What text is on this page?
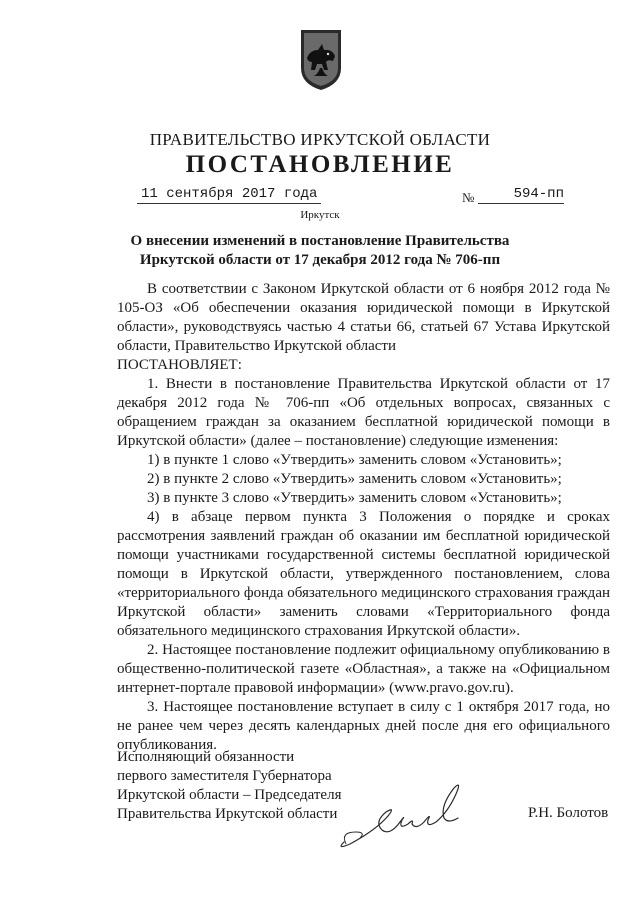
ПРАВИТЕЛЬСТВО ИРКУТСКОЙ ОБЛАСТИ
ПОСТАНОВЛЕНИЕ
11 сентября 2017 года	№	594-пп
Иркутск
О внесении изменений в постановление Правительства
Иркутской области от 17 декабря 2012 года № 706-пп

В соответствии с Законом Иркутской области от 6 ноября 2012 года № 105-ОЗ «Об обеспечении оказания юридической помощи в Иркутской области», руководствуясь частью 4 статьи 66, статьей 67 Устава Иркутской области, Правительство Иркутской области

ПОСТАНОВЛЯЕТ:

1. Внести в постановление Правительства Иркутской области от 17 декабря 2012 года № 706-пп «Об отдельных вопросах, связанных с обращением граждан за оказанием бесплатной юридической помощи в Иркутской области» (далее – постановление) следующие изменения:

1) в пункте 1 слово «Утвердить» заменить словом «Установить»;

2) в пункте 2 слово «Утвердить» заменить словом «Установить»;

3) в пункте 3 слово «Утвердить» заменить словом «Установить»;

4) в абзаце первом пункта 3 Положения о порядке и сроках рассмотрения заявлений граждан об оказании им бесплатной юридической помощи участниками государственной системы бесплатной юридической помощи в Иркутской области, утвержденного постановлением, слова «территориального фонда обязательного медицинского страхования граждан Иркутской области» заменить словами «Территориального фонда обязательного медицинского страхования Иркутской области».

2. Настоящее постановление подлежит официальному опубликованию в общественно-политической газете «Областная», а также на «Официальном интернет-портале правовой информации» (www.pravo.gov.ru).

3. Настоящее постановление вступает в силу с 1 октября 2017 года, но не ранее чем через десять календарных дней после дня его официального опубликования.

Исполняющий обязанности
первого заместителя Губернатора
Иркутской области – Председателя
Правительства Иркутской области	Р.Н. Болотов
